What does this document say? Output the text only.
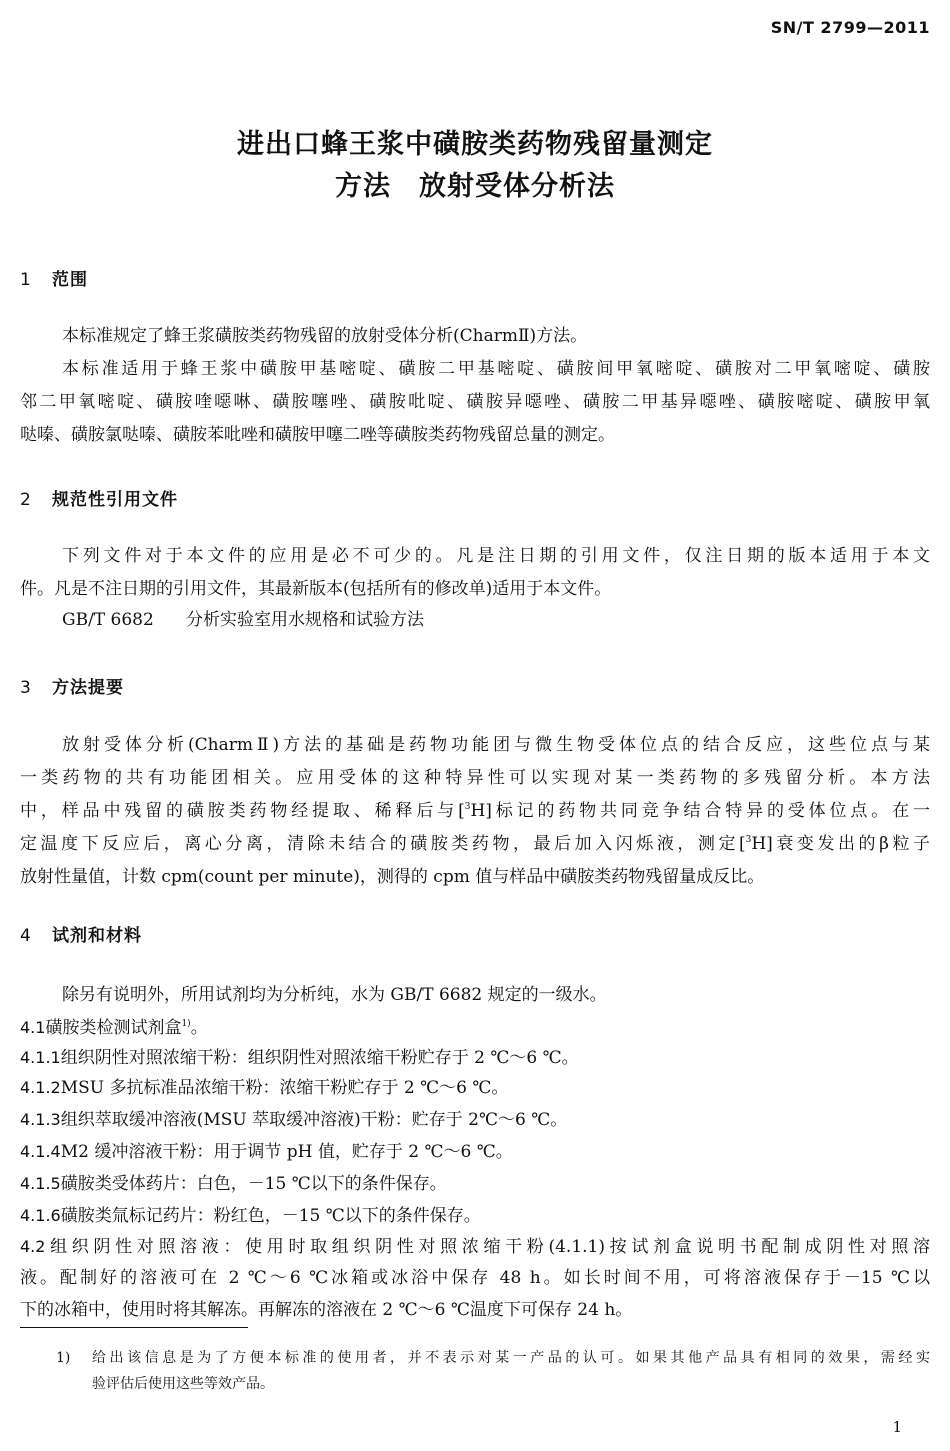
SN/T 2799—2011
进出口蜂王浆中磺胺类药物残留量测定
方法　放射受体分析法
1 范围
本标准规定了蜂王浆磺胺类药物残留的放射受体分析(CharmⅡ)方法。
本标准适用于蜂王浆中磺胺甲基嘧啶、磺胺二甲基嘧啶、磺胺间甲氧嘧啶、磺胺对二甲氧嘧啶、磺胺
邻二甲氧嘧啶、磺胺喹噁啉、磺胺噻唑、磺胺吡啶、磺胺异噁唑、磺胺二甲基异噁唑、磺胺嘧啶、磺胺甲氧
哒嗪、磺胺氯哒嗪、磺胺苯吡唑和磺胺甲噻二唑等磺胺类药物残留总量的测定。
2 规范性引用文件
下列文件对于本文件的应用是必不可少的。凡是注日期的引用文件，仅注日期的版本适用于本文
件。凡是不注日期的引用文件，其最新版本(包括所有的修改单)适用于本文件。
GB/T 6682 分析实验室用水规格和试验方法
3 方法提要
放射受体分析(CharmⅡ)方法的基础是药物功能团与微生物受体位点的结合反应，这些位点与某
一类药物的共有功能团相关。应用受体的这种特异性可以实现对某一类药物的多残留分析。本方法
中，样品中残留的磺胺类药物经提取、稀释后与[$^3$H]标记的药物共同竞争结合特异的受体位点。在一
定温度下反应后，离心分离，清除未结合的磺胺类药物，最后加入闪烁液，测定[$^3$H]衰变发出的β粒子
放射性量值，计数 cpm(count per minute)，测得的 cpm 值与样品中磺胺类药物残留量成反比。
4 试剂和材料
除另有说明外，所用试剂均为分析纯，水为 GB/T 6682 规定的一级水。
4.1磺胺类检测试剂盒$^{1)}$。
4.1.1组织阴性对照浓缩干粉：组织阴性对照浓缩干粉贮存于 2 ℃～6 ℃。
4.1.2MSU 多抗标准品浓缩干粉：浓缩干粉贮存于 2 ℃～6 ℃。
4.1.3组织萃取缓冲溶液(MSU 萃取缓冲溶液)干粉：贮存于 2℃～6 ℃。
4.1.4M2 缓冲溶液干粉：用于调节 pH 值，贮存于 2 ℃～6 ℃。
4.1.5磺胺类受体药片：白色，－15 ℃以下的条件保存。
4.1.6磺胺类氚标记药片：粉红色，－15 ℃以下的条件保存。
4.2组织阴性对照溶液：使用时取组织阴性对照浓缩干粉(4.1.1)按试剂盒说明书配制成阴性对照溶
液。配制好的溶液可在 2 ℃～6 ℃冰箱或冰浴中保存 48 h。如长时间不用，可将溶液保存于－15 ℃以
下的冰箱中，使用时将其解冻。再解冻的溶液在 2 ℃～6 ℃温度下可保存 24 h。
1) 给出该信息是为了方便本标准的使用者，并不表示对某一产品的认可。如果其他产品具有相同的效果，需经实
验评估后使用这些等效产品。
1
